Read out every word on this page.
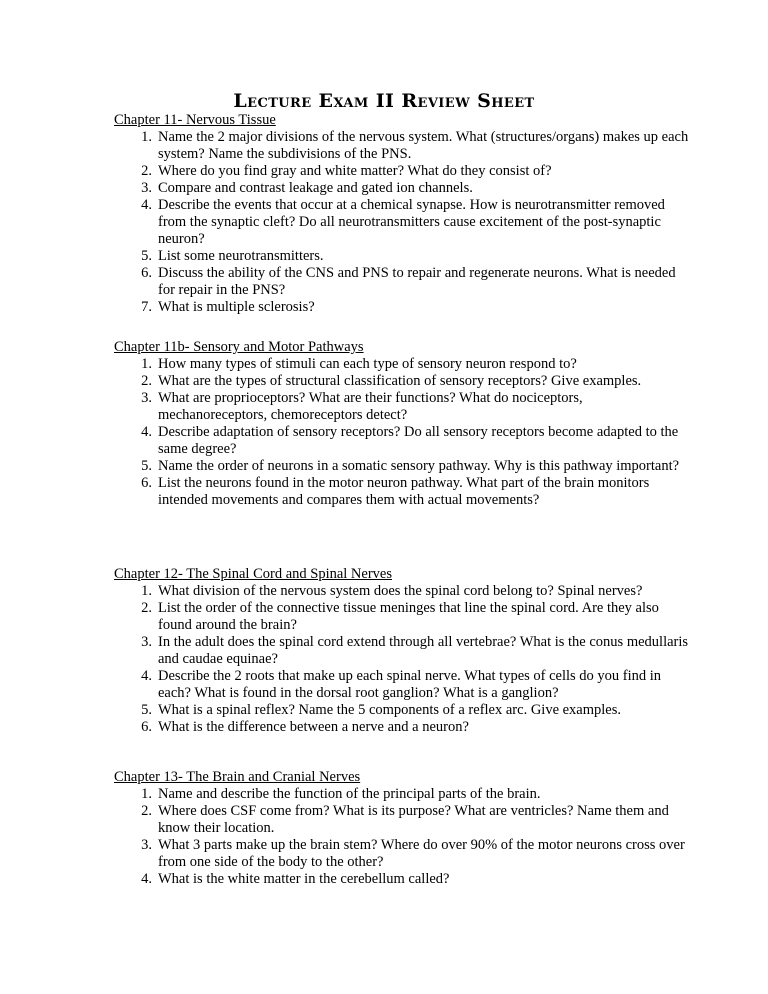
Lecture Exam II Review Sheet
Chapter 11- Nervous Tissue
1. Name the 2 major divisions of the nervous system. What (structures/organs) makes up each system? Name the subdivisions of the PNS.
2. Where do you find gray and white matter? What do they consist of?
3. Compare and contrast leakage and gated ion channels.
4. Describe the events that occur at a chemical synapse. How is neurotransmitter removed from the synaptic cleft? Do all neurotransmitters cause excitement of the post-synaptic neuron?
5. List some neurotransmitters.
6. Discuss the ability of the CNS and PNS to repair and regenerate neurons. What is needed for repair in the PNS?
7. What is multiple sclerosis?
Chapter 11b- Sensory and Motor Pathways
1. How many types of stimuli can each type of sensory neuron respond to?
2. What are the types of structural classification of sensory receptors? Give examples.
3. What are proprioceptors? What are their functions? What do nociceptors, mechanoreceptors, chemoreceptors detect?
4. Describe adaptation of sensory receptors? Do all sensory receptors become adapted to the same degree?
5. Name the order of neurons in a somatic sensory pathway. Why is this pathway important?
6. List the neurons found in the motor neuron pathway. What part of the brain monitors intended movements and compares them with actual movements?
Chapter 12- The Spinal Cord and Spinal Nerves
1. What division of the nervous system does the spinal cord belong to? Spinal nerves?
2. List the order of the connective tissue meninges that line the spinal cord. Are they also found around the brain?
3. In the adult does the spinal cord extend through all vertebrae? What is the conus medullaris and caudae equinae?
4. Describe the 2 roots that make up each spinal nerve. What types of cells do you find in each? What is found in the dorsal root ganglion? What is a ganglion?
5. What is a spinal reflex? Name the 5 components of a reflex arc. Give examples.
6. What is the difference between a nerve and a neuron?
Chapter 13- The Brain and Cranial Nerves
1. Name and describe the function of the principal parts of the brain.
2. Where does CSF come from? What is its purpose? What are ventricles? Name them and know their location.
3. What 3 parts make up the brain stem? Where do over 90% of the motor neurons cross over from one side of the body to the other?
4. What is the white matter in the cerebellum called?
